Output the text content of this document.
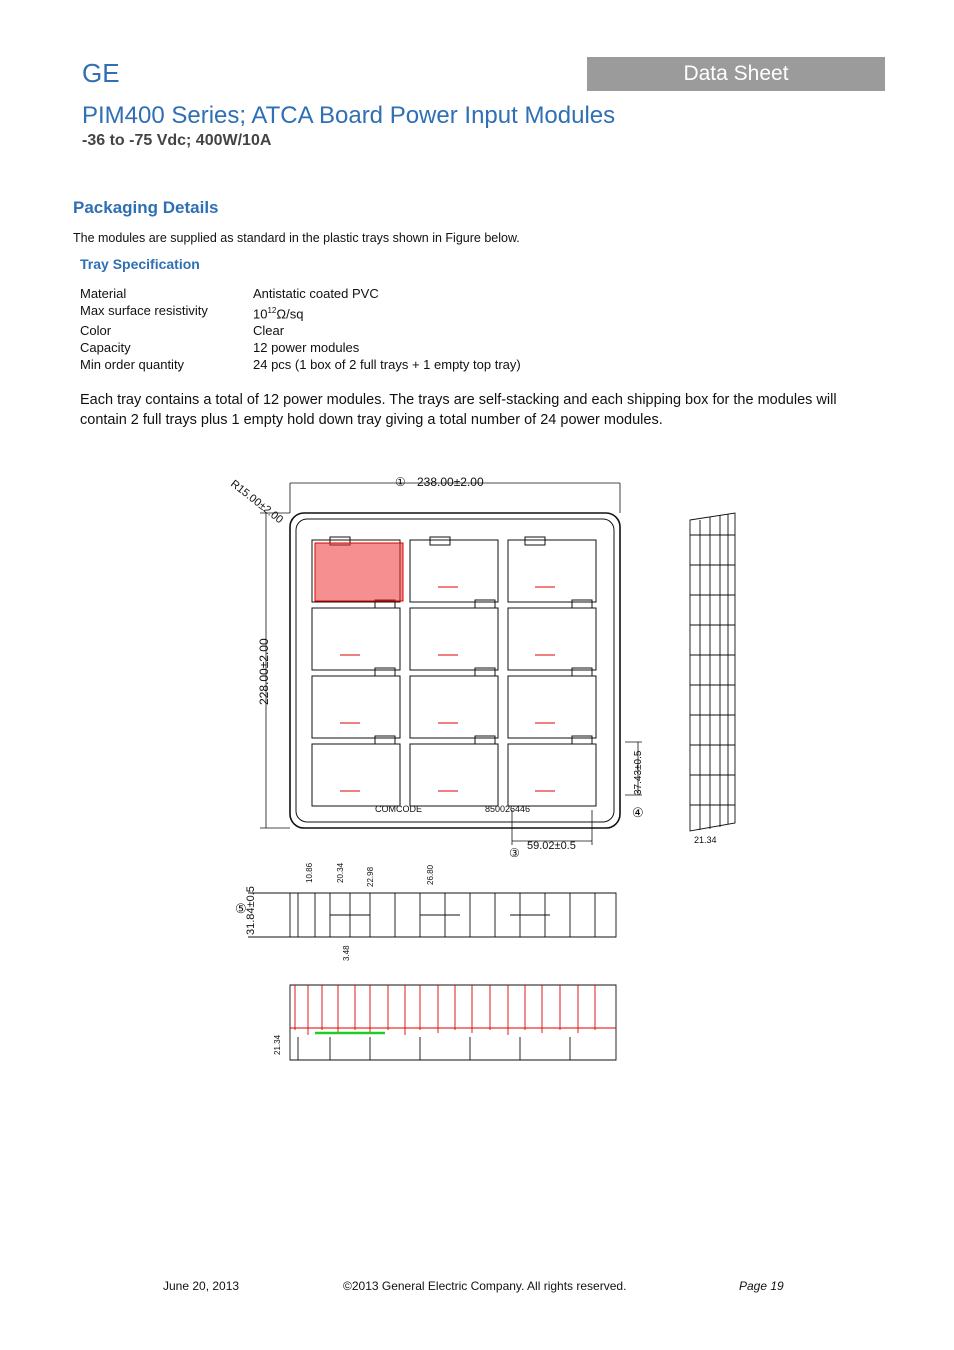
GE	Data Sheet
PIM400 Series; ATCA Board Power Input Modules
-36 to -75 Vdc; 400W/10A
Packaging Details
The modules are supplied as standard in the plastic trays shown in Figure below.
Tray Specification
Material	Antistatic coated PVC
Max surface resistivity	$10^{12}\Omega/sq$
Color	Clear
Capacity	12 power modules
Min order quantity	24 pcs (1 box of 2 full trays + 1 empty top tray)
Each tray contains a total of 12 power modules. The trays are self-stacking and each shipping box for the modules will contain 2 full trays plus 1 empty hold down tray giving a total number of 24 power modules.
① 238.00±2.00
R15.00±2.00
228.00±2.00
37.43±0.5
④
③ 59.02±0.5
COMCODE	850026446
21.34
31.84±0.5
⑤
10.86	20.34	22.98	26.80
3.48
21.34
June 20, 2013	©2013 General Electric Company. All rights reserved.	Page 19
